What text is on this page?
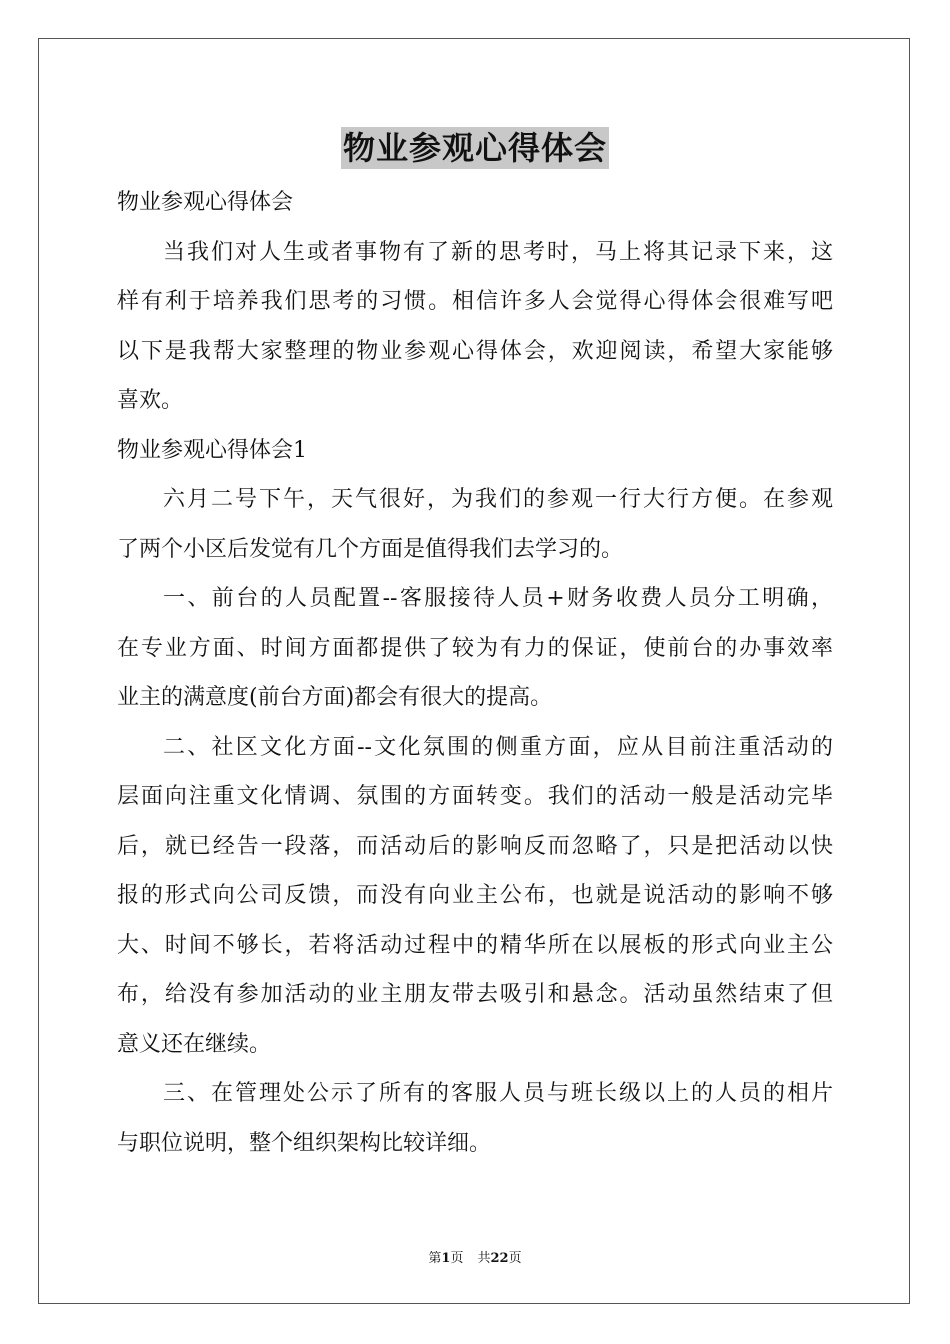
物业参观心得体会
物业参观心得体会
当我们对人生或者事物有了新的思考时，马上将其记录下来，这
样有利于培养我们思考的习惯。相信许多人会觉得心得体会很难写吧
以下是我帮大家整理的物业参观心得体会，欢迎阅读，希望大家能够
喜欢。
物业参观心得体会1
六月二号下午，天气很好，为我们的参观一行大行方便。在参观
了两个小区后发觉有几个方面是值得我们去学习的。
一、前台的人员配置--客服接待人员+财务收费人员分工明确，
在专业方面、时间方面都提供了较为有力的保证，使前台的办事效率
业主的满意度(前台方面)都会有很大的提高。
二、社区文化方面--文化氛围的侧重方面，应从目前注重活动的
层面向注重文化情调、氛围的方面转变。我们的活动一般是活动完毕
后，就已经告一段落，而活动后的影响反而忽略了，只是把活动以快
报的形式向公司反馈，而没有向业主公布，也就是说活动的影响不够
大、时间不够长，若将活动过程中的精华所在以展板的形式向业主公
布，给没有参加活动的业主朋友带去吸引和悬念。活动虽然结束了但
意义还在继续。
三、在管理处公示了所有的客服人员与班长级以上的人员的相片
与职位说明，整个组织架构比较详细。
第1页 共22页
